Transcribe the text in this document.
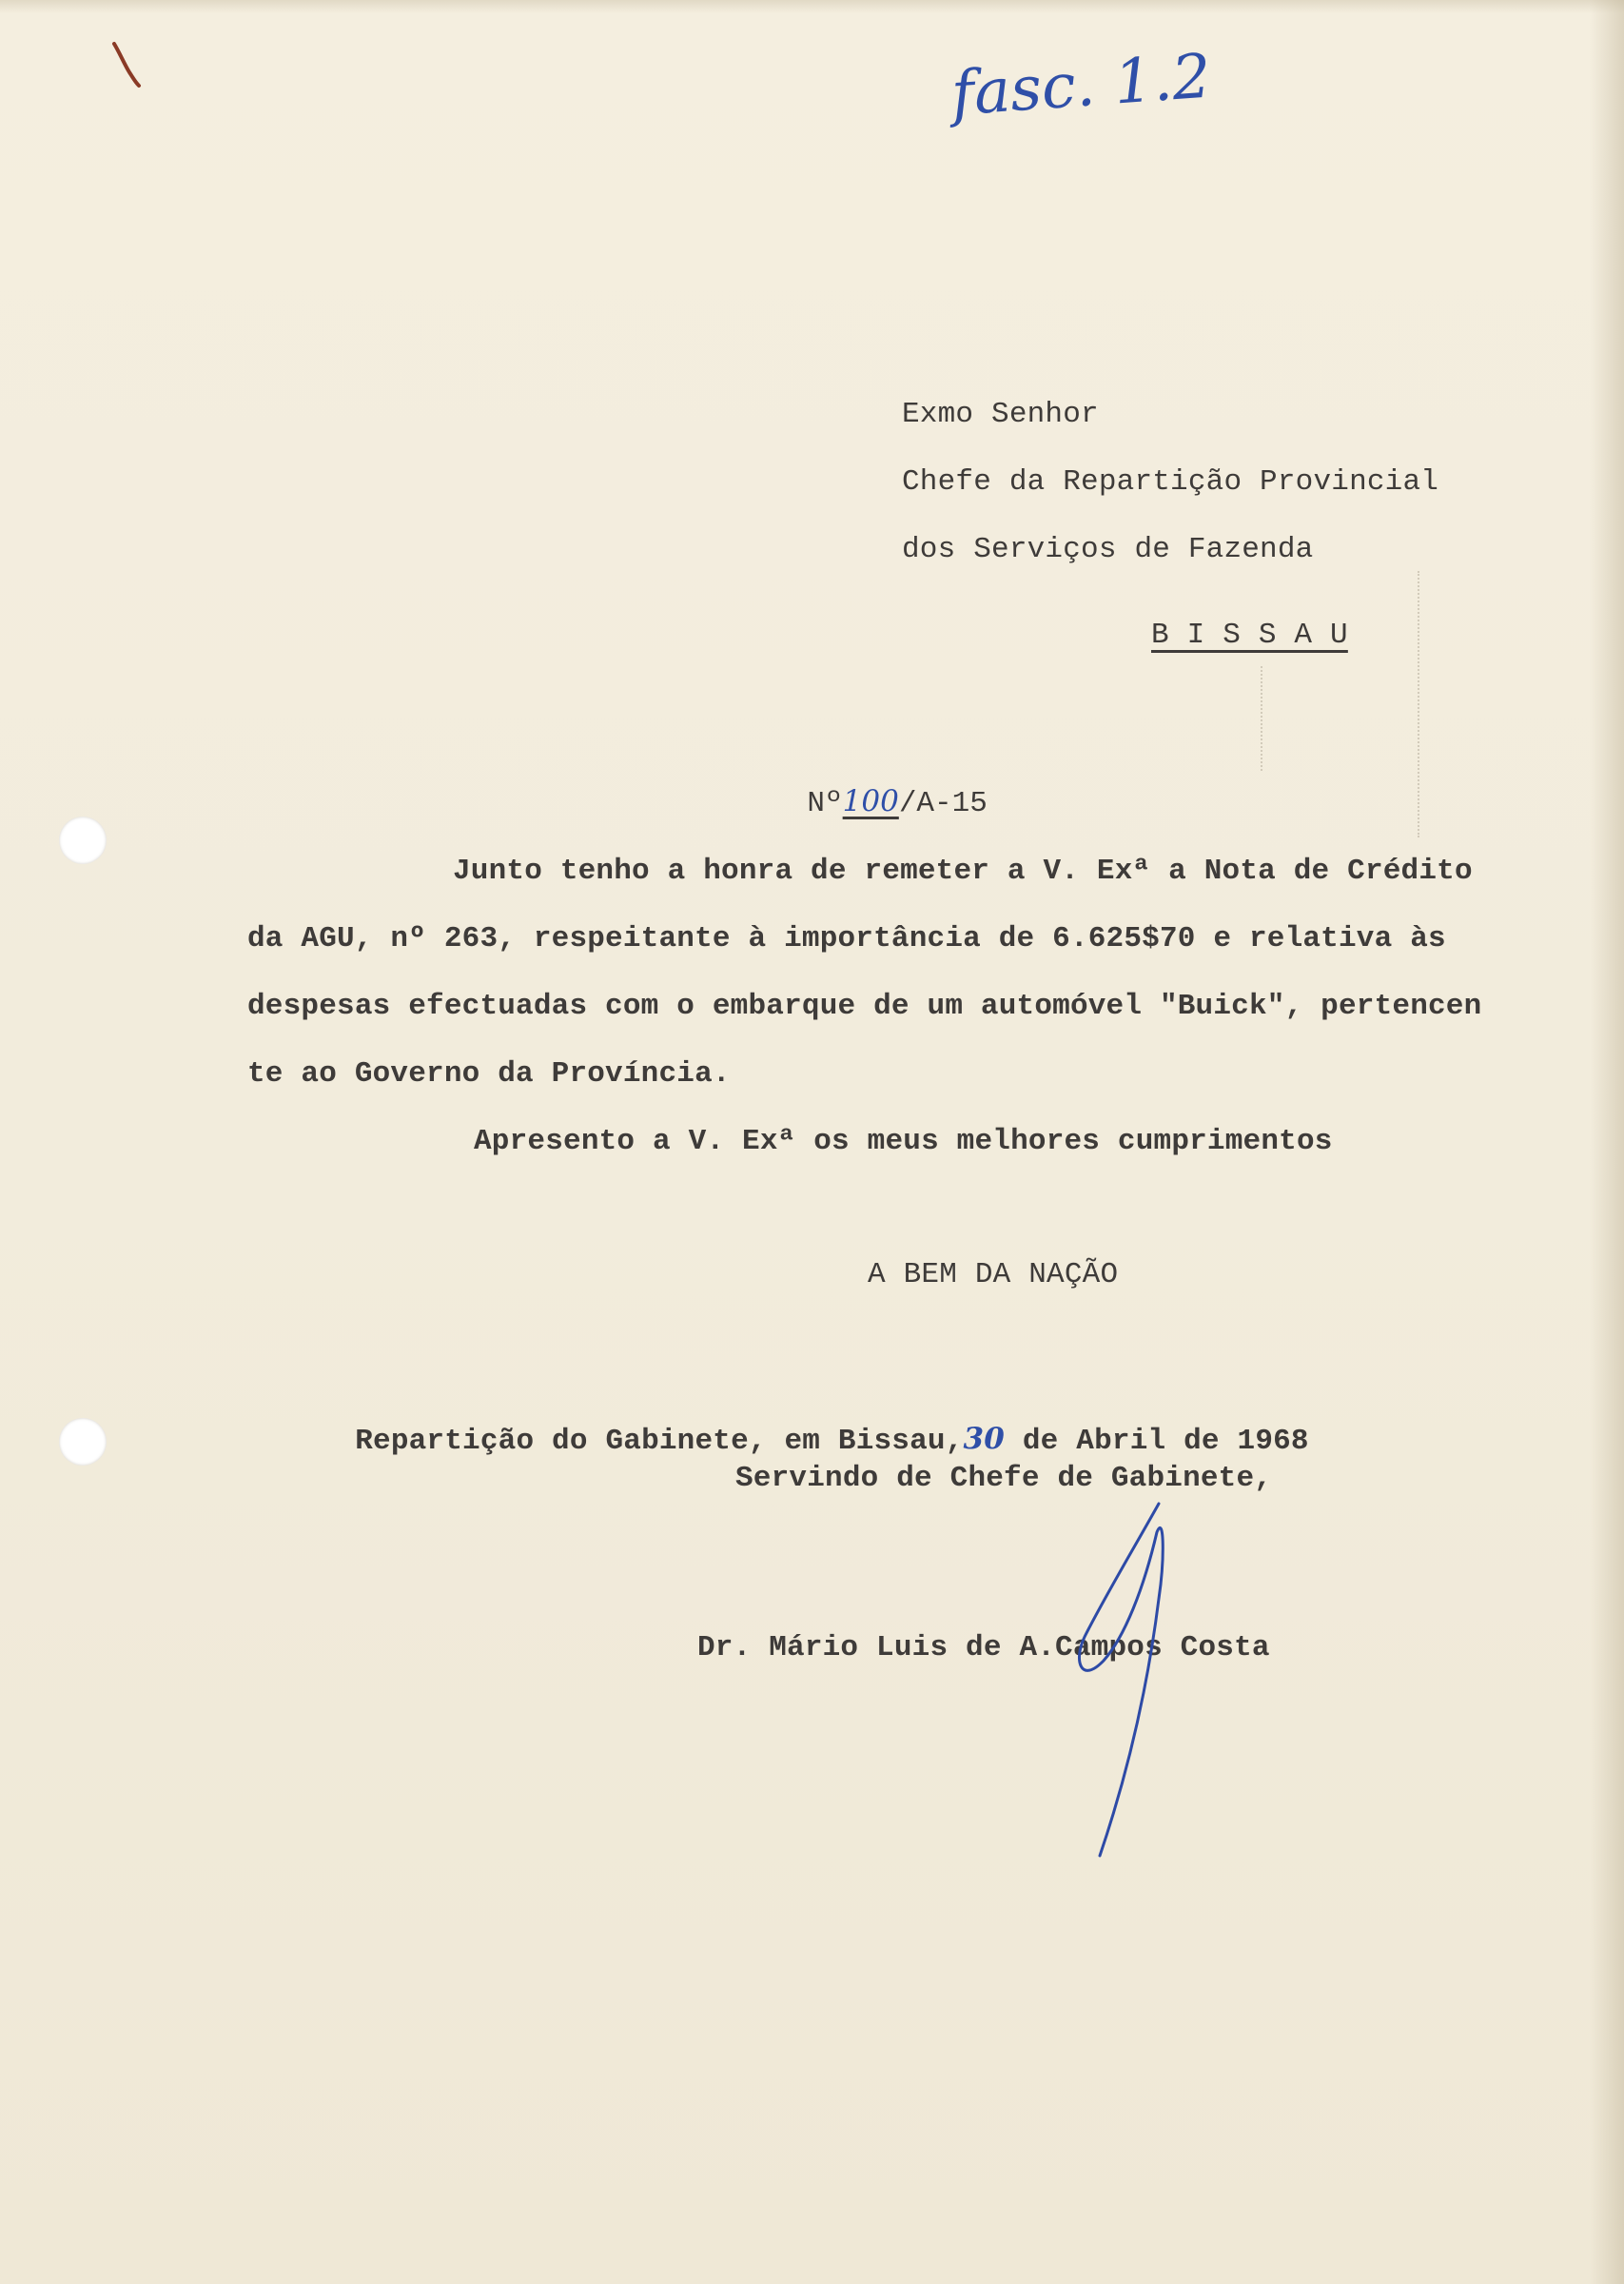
fasc. 1.2
Exmo Senhor
Chefe da Repartição Provincial
dos Serviços de Fazenda
B I S S A U

Nº100/A-15

Junto tenho a honra de remeter a V. Exª a Nota de Crédito
da AGU, nº 263, respeitante à importância de 6.625$70 e relativa às
despesas efectuadas com o embarque de um automóvel "Buick", pertencen
te ao Governo da Província.
Apresento a V. Exª os meus melhores cumprimentos
A BEM DA NAÇÃO

Repartição do Gabinete, em Bissau,30 de Abril de 1968

Servindo de Chefe de Gabinete,
Dr. Mário Luis de A.Campos Costa
